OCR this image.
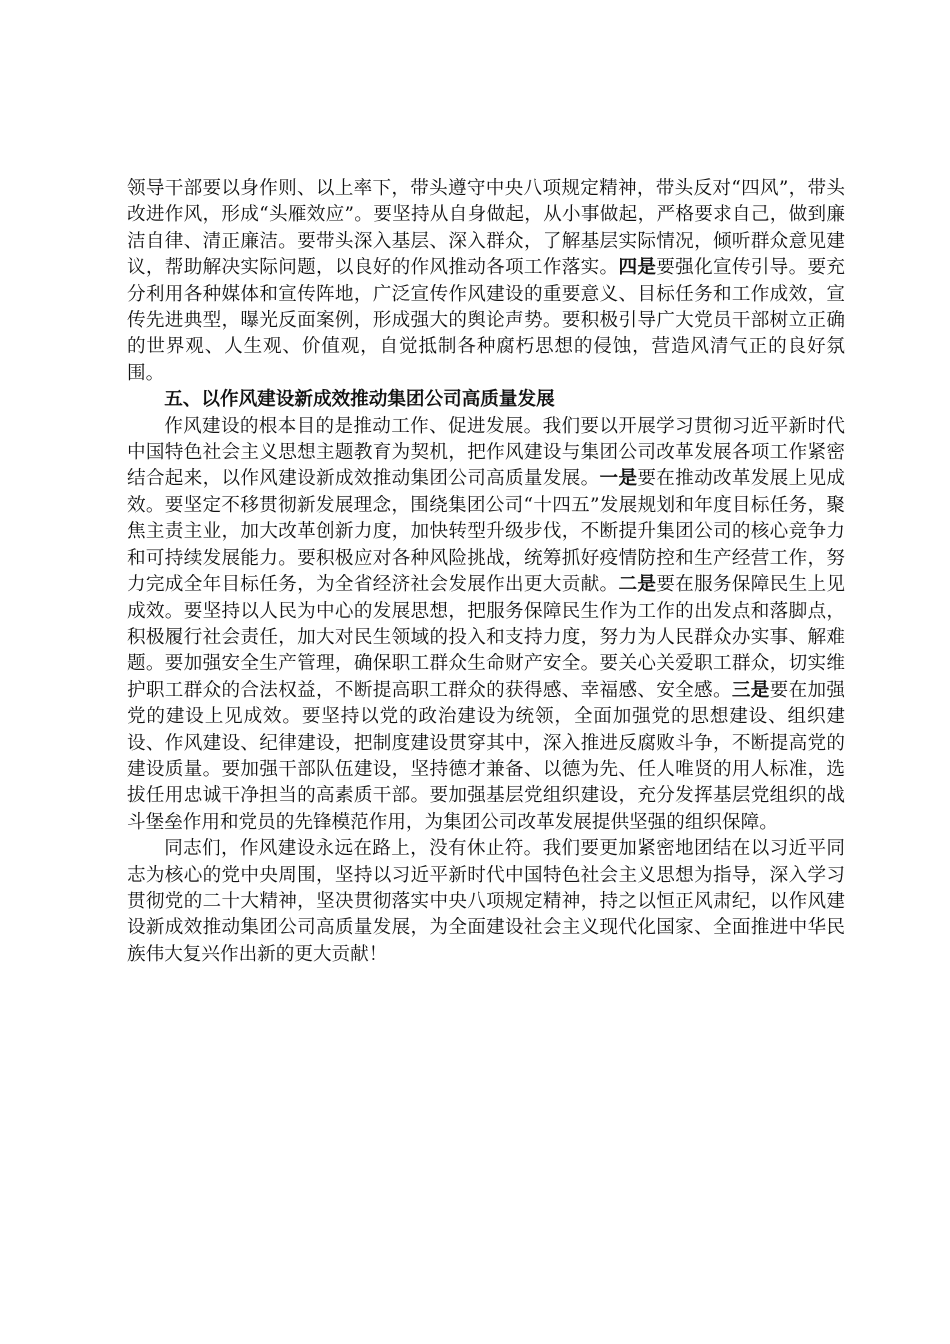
领导干部要以身作则、以上率下，带头遵守中央八项规定精神，带头反对“四风”，带头改进作风，形成“头雁效应”。要坚持从自身做起，从小事做起，严格要求自己，做到廉洁自律、清正廉洁。要带头深入基层、深入群众，了解基层实际情况，倾听群众意见建议，帮助解决实际问题，以良好的作风推动各项工作落实。四是要强化宣传引导。要充分利用各种媒体和宣传阵地，广泛宣传作风建设的重要意义、目标任务和工作成效，宣传先进典型，曝光反面案例，形成强大的舆论声势。要积极引导广大党员干部树立正确的世界观、人生观、价值观，自觉抵制各种腐朽思想的侵蚀，营造风清气正的良好氛围。

五、以作风建设新成效推动集团公司高质量发展

作风建设的根本目的是推动工作、促进发展。我们要以开展学习贯彻习近平新时代中国特色社会主义思想主题教育为契机，把作风建设与集团公司改革发展各项工作紧密结合起来，以作风建设新成效推动集团公司高质量发展。一是要在推动改革发展上见成效。要坚定不移贯彻新发展理念，围绕集团公司“十四五”发展规划和年度目标任务，聚焦主责主业，加大改革创新力度，加快转型升级步伐，不断提升集团公司的核心竞争力和可持续发展能力。要积极应对各种风险挑战，统筹抓好疫情防控和生产经营工作，努力完成全年目标任务，为全省经济社会发展作出更大贡献。二是要在服务保障民生上见成效。要坚持以人民为中心的发展思想，把服务保障民生作为工作的出发点和落脚点，积极履行社会责任，加大对民生领域的投入和支持力度，努力为人民群众办实事、解难题。要加强安全生产管理，确保职工群众生命财产安全。要关心关爱职工群众，切实维护职工群众的合法权益，不断提高职工群众的获得感、幸福感、安全感。三是要在加强党的建设上见成效。要坚持以党的政治建设为统领，全面加强党的思想建设、组织建设、作风建设、纪律建设，把制度建设贯穿其中，深入推进反腐败斗争，不断提高党的建设质量。要加强干部队伍建设，坚持德才兼备、以德为先、任人唯贤的用人标准，选拔任用忠诚干净担当的高素质干部。要加强基层党组织建设，充分发挥基层党组织的战斗堡垒作用和党员的先锋模范作用，为集团公司改革发展提供坚强的组织保障。

同志们，作风建设永远在路上，没有休止符。我们要更加紧密地团结在以习近平同志为核心的党中央周围，坚持以习近平新时代中国特色社会主义思想为指导，深入学习贯彻党的二十大精神，坚决贯彻落实中央八项规定精神，持之以恒正风肃纪，以作风建设新成效推动集团公司高质量发展，为全面建设社会主义现代化国家、全面推进中华民族伟大复兴作出新的更大贡献！
